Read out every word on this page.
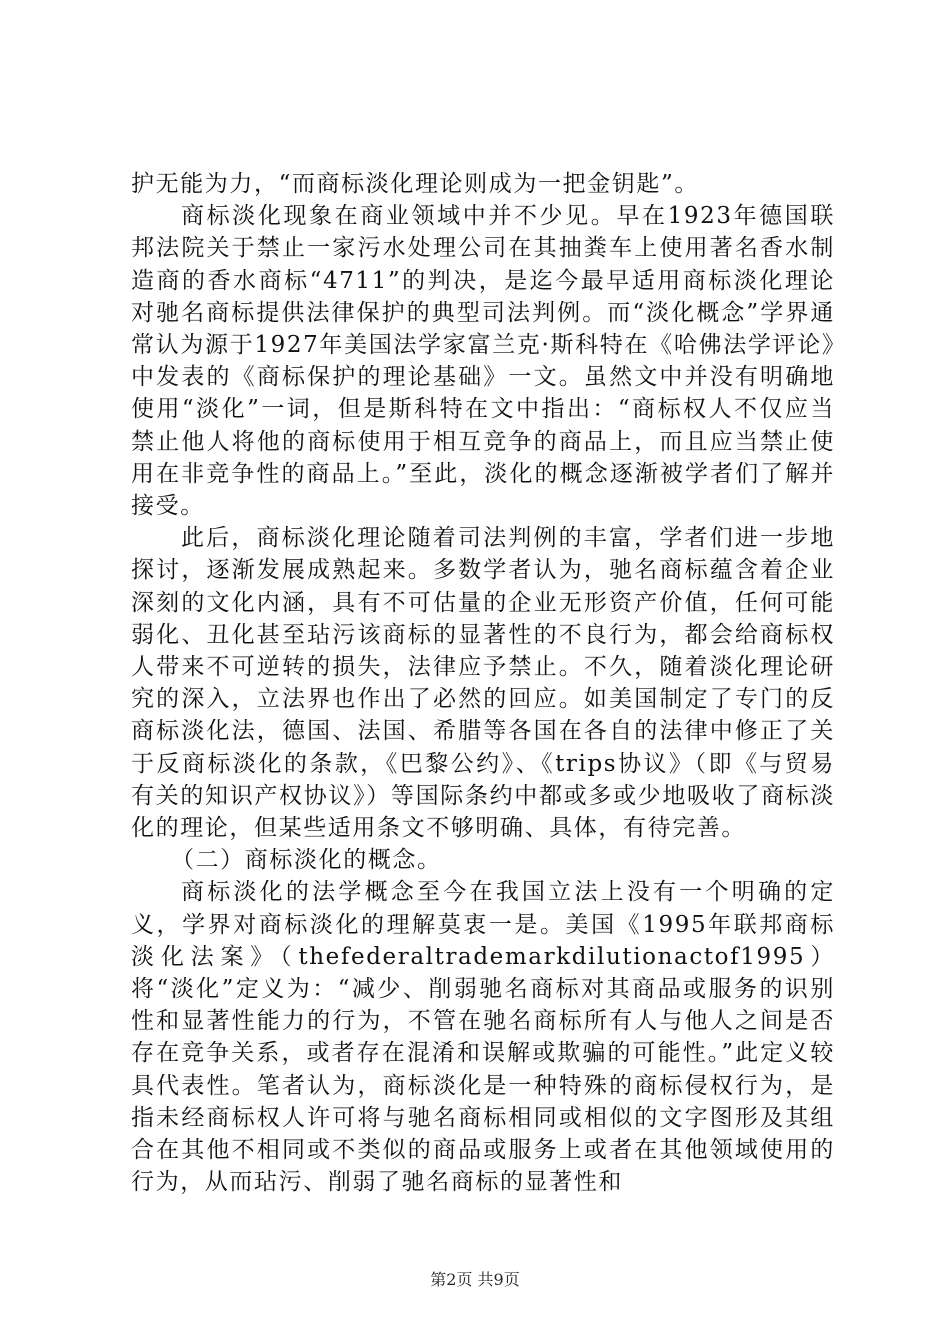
护无能为力，“而商标淡化理论则成为一把金钥匙”。

商标淡化现象在商业领域中并不少见。早在1923年德国联邦法院关于禁止一家污水处理公司在其抽粪车上使用著名香水制造商的香水商标“4711”的判决，是迄今最早适用商标淡化理论对驰名商标提供法律保护的典型司法判例。而“淡化概念”学界通常认为源于1927年美国法学家富兰克·斯科特在《哈佛法学评论》中发表的《商标保护的理论基础》一文。虽然文中并没有明确地使用“淡化”一词，但是斯科特在文中指出：“商标权人不仅应当禁止他人将他的商标使用于相互竞争的商品上，而且应当禁止使用在非竞争性的商品上。”至此，淡化的概念逐渐被学者们了解并接受。

此后，商标淡化理论随着司法判例的丰富，学者们进一步地探讨，逐渐发展成熟起来。多数学者认为，驰名商标蕴含着企业深刻的文化内涵，具有不可估量的企业无形资产价值，任何可能弱化、丑化甚至玷污该商标的显著性的不良行为，都会给商标权人带来不可逆转的损失，法律应予禁止。不久，随着淡化理论研究的深入，立法界也作出了必然的回应。如美国制定了专门的反商标淡化法，德国、法国、希腊等各国在各自的法律中修正了关于反商标淡化的条款，《巴黎公约》、《trips协议》（即《与贸易有关的知识产权协议》）等国际条约中都或多或少地吸收了商标淡化的理论，但某些适用条文不够明确、具体，有待完善。

（二）商标淡化的概念。

商标淡化的法学概念至今在我国立法上没有一个明确的定义，学界对商标淡化的理解莫衷一是。美国《1995年联邦商标淡化法案》（thefederaltrademarkdilutionactof1995）将“淡化”定义为：“减少、削弱驰名商标对其商品或服务的识别性和显著性能力的行为，不管在驰名商标所有人与他人之间是否存在竞争关系，或者存在混淆和误解或欺骗的可能性。”此定义较具代表性。笔者认为，商标淡化是一种特殊的商标侵权行为，是指未经商标权人许可将与驰名商标相同或相似的文字图形及其组合在其他不相同或不类似的商品或服务上或者在其他领域使用的行为，从而玷污、削弱了驰名商标的显著性和

第2页 共9页
